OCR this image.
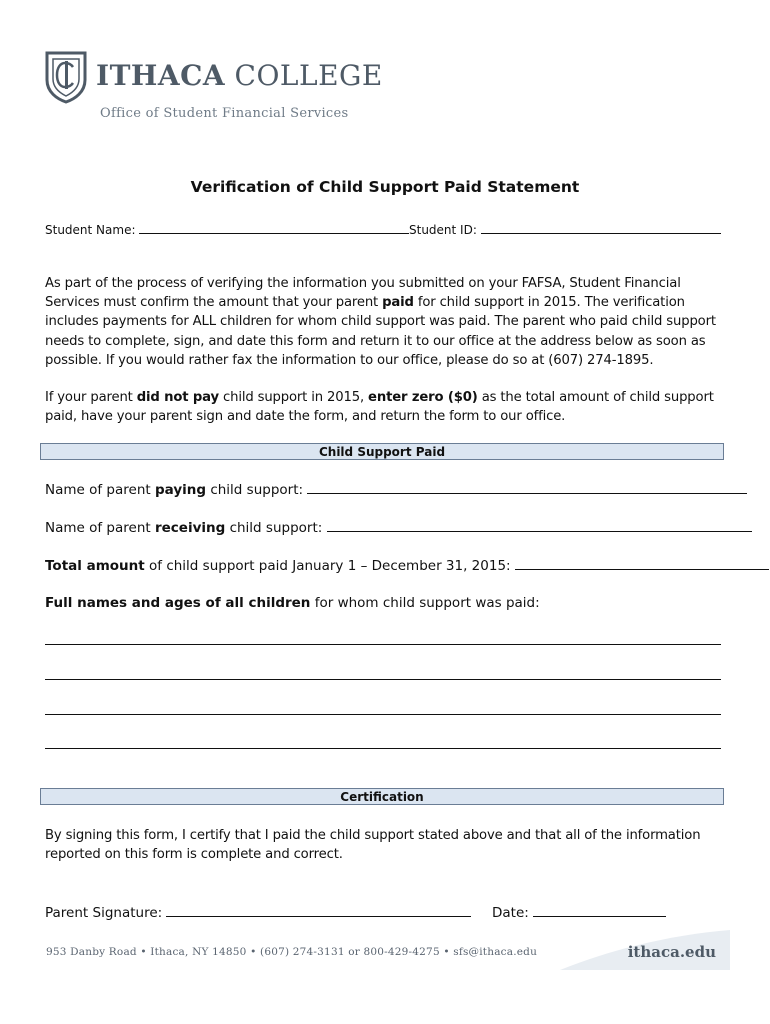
ITHACA COLLEGE
Office of Student Financial Services
Verification of Child Support Paid Statement
Student Name:	Student ID:
As part of the process of verifying the information you submitted on your FAFSA, Student Financial Services must confirm the amount that your parent paid for child support in 2015. The verification includes payments for ALL children for whom child support was paid. The parent who paid child support needs to complete, sign, and date this form and return it to our office at the address below as soon as possible. If you would rather fax the information to our office, please do so at (607) 274-1895.
If your parent did not pay child support in 2015, enter zero ($0) as the total amount of child support paid, have your parent sign and date the form, and return the form to our office.
Child Support Paid
Name of parent paying child support:
Name of parent receiving child support:
Total amount of child support paid January 1 – December 31, 2015:
Full names and ages of all children for whom child support was paid:
Certification
By signing this form, I certify that I paid the child support stated above and that all of the information reported on this form is complete and correct.
Parent Signature:	Date:
953 Danby Road • Ithaca, NY 14850 • (607) 274-3131 or 800-429-4275 • sfs@ithaca.edu	ithaca.edu
